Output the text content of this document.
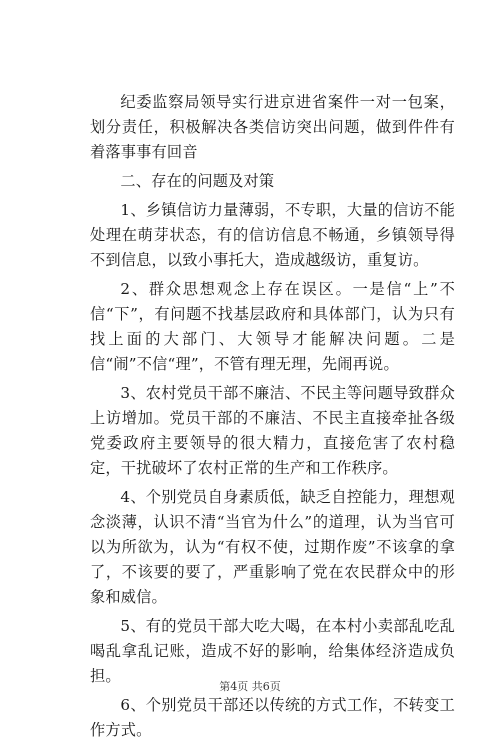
纪委监察局领导实行进京进省案件一对一包案，划分责任，积极解决各类信访突出问题，做到件件有着落事事有回音

二、存在的问题及对策

1、乡镇信访力量薄弱，不专职，大量的信访不能处理在萌芽状态，有的信访信息不畅通，乡镇领导得不到信息，以致小事托大，造成越级访，重复访。

2、群众思想观念上存在误区。一是信“上”不信“下”，有问题不找基层政府和具体部门，认为只有找上面的大部门、大领导才能解决问题。二是信“闹”不信“理”，不管有理无理，先闹再说。

3、农村党员干部不廉洁、不民主等问题导致群众上访增加。党员干部的不廉洁、不民主直接牵扯各级党委政府主要领导的很大精力，直接危害了农村稳定，干扰破坏了农村正常的生产和工作秩序。

4、个别党员自身素质低，缺乏自控能力，理想观念淡薄，认识不清“当官为什么”的道理，认为当官可以为所欲为，认为“有权不使，过期作废”不该拿的拿了，不该要的要了，严重影响了党在农民群众中的形象和威信。

5、有的党员干部大吃大喝，在本村小卖部乱吃乱喝乱拿乱记账，造成不好的影响，给集体经济造成负担。

6、个别党员干部还以传统的方式工作，不转变工作方式。

第4页 共6页
